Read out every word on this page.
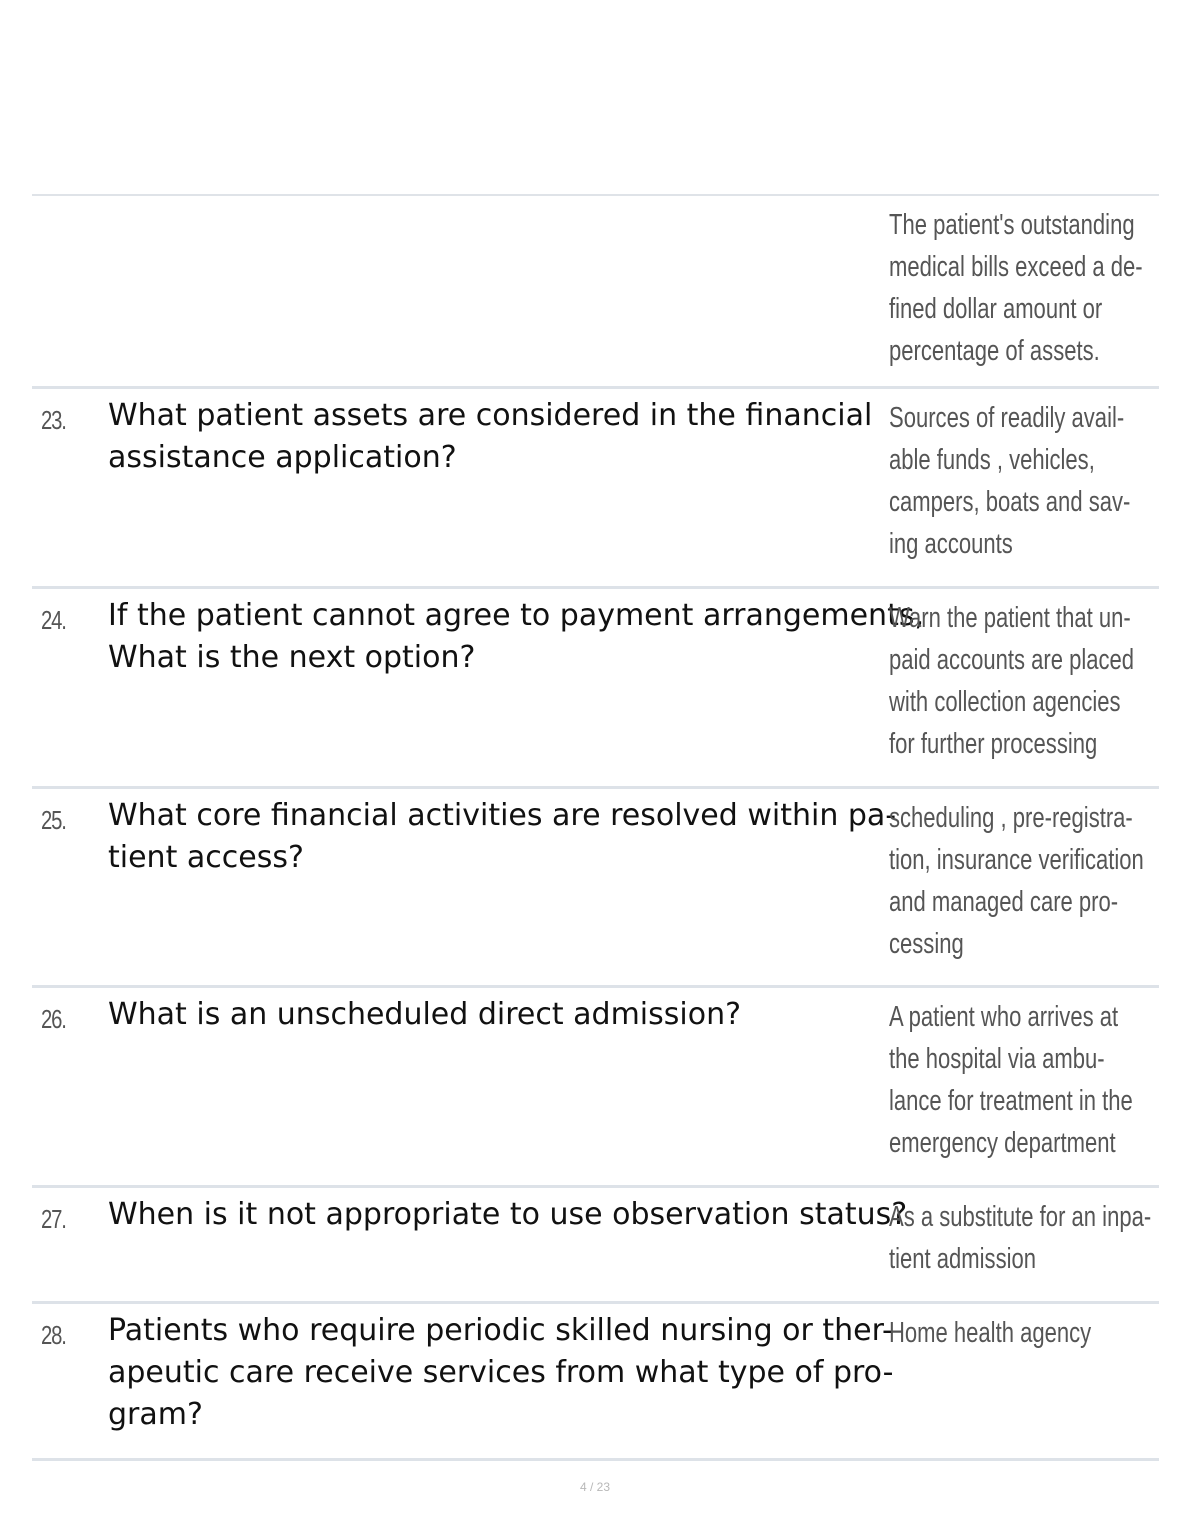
The patient's outstanding
medical bills exceed a de-
fined dollar amount or
percentage of assets.
23. What patient assets are considered in the financial
assistance application?
Sources of readily avail-
able funds , vehicles,
campers, boats and sav-
ing accounts
24. If the patient cannot agree to payment arrangements,
What is the next option?
Warn the patient that un-
paid accounts are placed
with collection agencies
for further processing
25. What core financial activities are resolved within pa-
tient access?
scheduling , pre-registra-
tion, insurance verification
and managed care pro-
cessing
26. What is an unscheduled direct admission?	A patient who arrives at
the hospital via ambu-
lance for treatment in the
emergency department
27. When is it not appropriate to use observation status?
As a substitute for an inpa-
tient admission
28. Patients who require periodic skilled nursing or ther-
apeutic care receive services from what type of pro-
gram?
Home health agency
4 / 23
